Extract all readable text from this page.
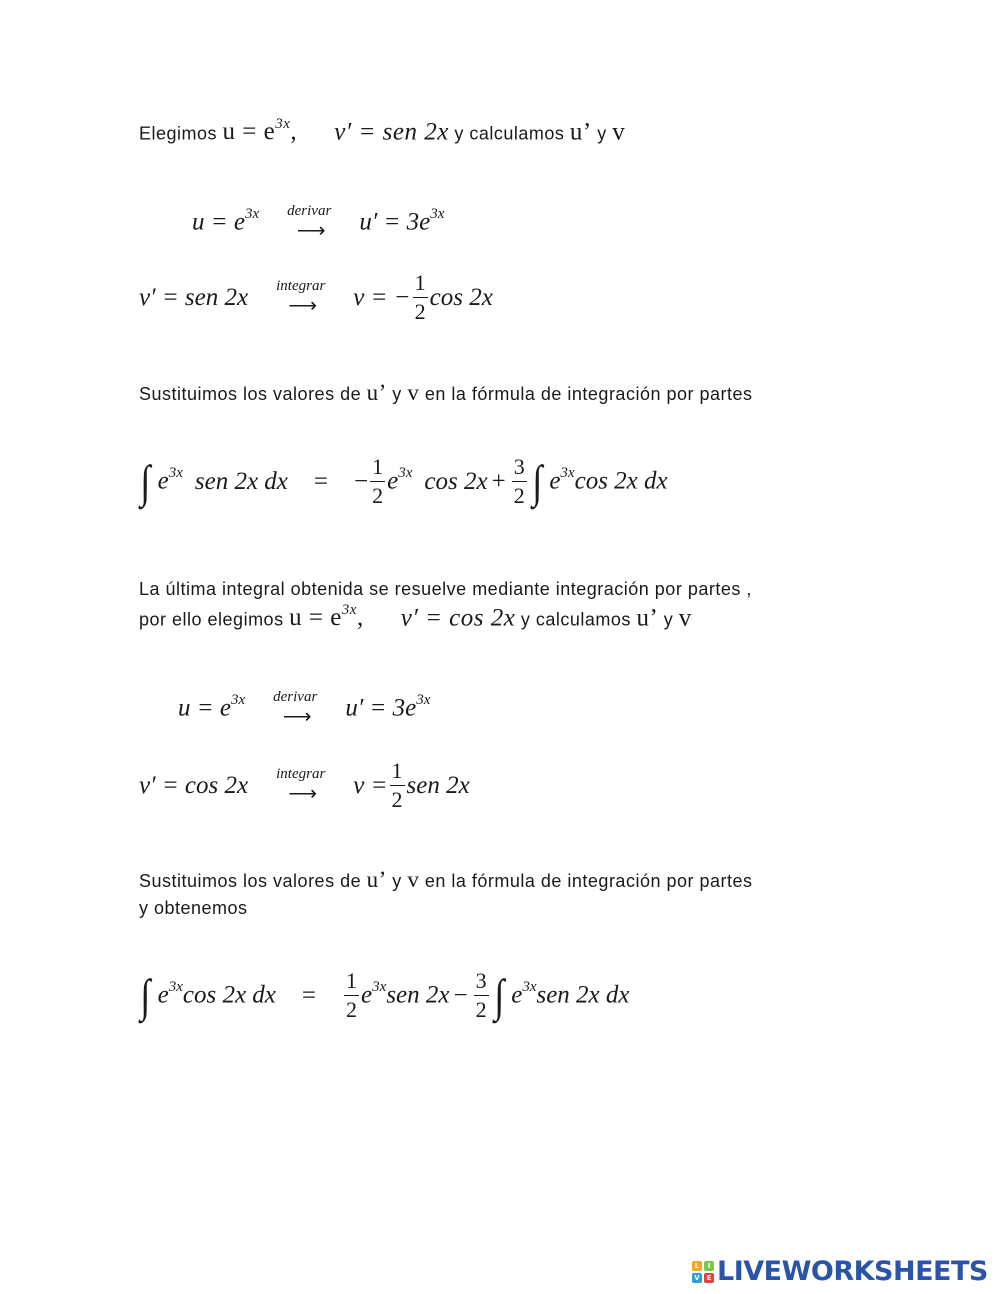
Elegimos $u = e^{3x}$, v′ = sen 2x y calculamos u’ y v
$u = e^{3x}$ derivar
⟶ $u' = 3e^{3x}$
v′ = sen 2x integrar
⟶ v = − $\frac{1}{2}$ cos 2x
Sustituimos los valores de u’ y v en la fórmula de integración por partes
∫ $e^{3x}$ sen 2x dx = − $\frac{1}{2} e^{3x}$ $\cos 2x + \frac{3}{2}$ ∫ $e^{3x}\cos$ 2x dx
La última integral obtenida se resuelve mediante integración por partes ,
por ello elegimos $u = e^{3x}$, v′ = cos 2x y calculamos u’ y v
$u = e^{3x}$ derivar
⟶ $u' = 3e^{3x}$
v′ = cos 2x integrar
⟶ $v = \frac{1}{2}$ sen 2x
Sustituimos los valores de u’ y v en la fórmula de integración por partes
y obtenemos
∫ $e^{3x}\cos$ 2x dx = $\frac{1}{2} e^{3x}sen$ $2x - \frac{3}{2}$ ∫ $e^{3x}sen$ 2x dx
L	I
V E LIVEWORKSHEETS
